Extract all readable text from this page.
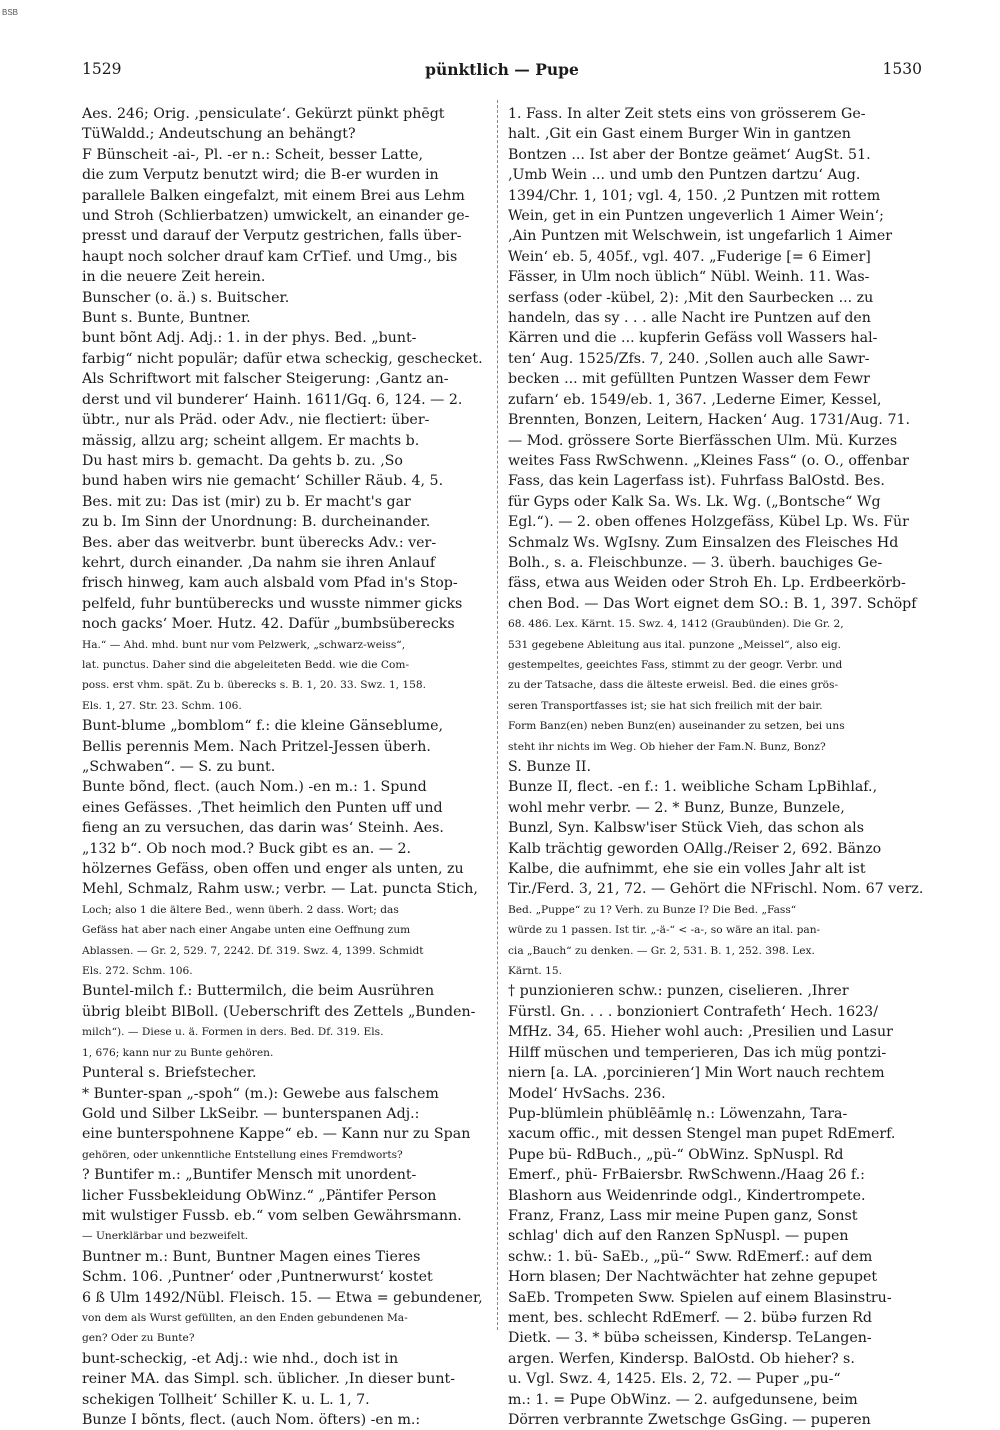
BSB
1529	pünktlich — Pupe	1530
Aes. 246; Orig. ‚pensiculate‘. Gekürzt pünkt phēgt
TüWaldd.; Andeutschung an behängt?
F Bünscheit -ai-, Pl. -er n.: Scheit, besser Latte,
die zum Verputz benutzt wird; die B-er wurden in
parallele Balken eingefalzt, mit einem Brei aus Lehm
und Stroh (Schlierbatzen) umwickelt, an einander ge-
presst und darauf der Verputz gestrichen, falls über-
haupt noch solcher drauf kam CrTief. und Umg., bis
in die neuere Zeit herein.
Bunscher (o. ä.) s. Buitscher.
Bunt s. Bunte, Buntner.
bunt bõnt Adj. Adj.: 1. in der phys. Bed. „bunt-
farbig“ nicht populär; dafür etwa scheckig, geschecket.
Als Schriftwort mit falscher Steigerung: ‚Gantz an-
derst und vil bunderer‘ Hainh. 1611/Gq. 6, 124. — 2.
übtr., nur als Präd. oder Adv., nie flectiert: über-
mässig, allzu arg; scheint allgem. Er machts b.
Du hast mirs b. gemacht. Da gehts b. zu. ‚So
bund haben wirs nie gemacht‘ Schiller Räub. 4, 5.
Bes. mit zu: Das ist (mir) zu b. Er macht's gar
zu b. Im Sinn der Unordnung: B. durcheinander.
Bes. aber das weitverbr. bunt überecks Adv.: ver-
kehrt, durch einander. ‚Da nahm sie ihren Anlauf
frisch hinweg, kam auch alsbald vom Pfad in's Stop-
pelfeld, fuhr buntüberecks und wusste nimmer gicks
noch gacks‘ Moer. Hutz. 42. Dafür „bumbsüberecks
Ha.“ — Ahd. mhd. bunt nur vom Pelzwerk, „schwarz-weiss“,
lat. punctus. Daher sind die abgeleiteten Bedd. wie die Com-
poss. erst vhm. spät. Zu b. überecks s. B. 1, 20. 33. Swz. 1, 158.
Els. 1, 27. Str. 23. Schm. 106.
Bunt-blume „bomblom“ f.: die kleine Gänseblume,
Bellis perennis Mem. Nach Pritzel-Jessen überh.
„Schwaben“. — S. zu bunt.
Bunte bõnd, flect. (auch Nom.) -en m.: 1. Spund
eines Gefässes. ‚Thet heimlich den Punten uff und
fieng an zu versuchen, das darin was‘ Steinh. Aes.
„132 b“. Ob noch mod.? Buck gibt es an. — 2.
hölzernes Gefäss, oben offen und enger als unten, zu
Mehl, Schmalz, Rahm usw.; verbr. — Lat. puncta Stich,
Loch; also 1 die ältere Bed., wenn überh. 2 dass. Wort; das
Gefäss hat aber nach einer Angabe unten eine Oeffnung zum
Ablassen. — Gr. 2, 529. 7, 2242. Df. 319. Swz. 4, 1399. Schmidt
Els. 272. Schm. 106.
Buntel-milch f.: Buttermilch, die beim Ausrühren
übrig bleibt BlBoll. (Ueberschrift des Zettels „Bunden-
milch“). — Diese u. ä. Formen in ders. Bed. Df. 319. Els.
1, 676; kann nur zu Bunte gehören.
Punteral s. Briefstecher.
* Bunter-span „-spoh“ (m.): Gewebe aus falschem
Gold und Silber LkSeibr. — bunterspanen Adj.:
eine bunterspohnene Kappe“ eb. — Kann nur zu Span
gehören, oder unkenntliche Entstellung eines Fremdworts?
? Buntifer m.: „Buntifer Mensch mit unordent-
licher Fussbekleidung ObWinz.“ „Päntifer Person
mit wulstiger Fussb. eb.“ vom selben Gewährsmann.
— Unerklärbar und bezweifelt.
Buntner m.: Bunt, Buntner Magen eines Tieres
Schm. 106. ‚Puntner‘ oder ‚Puntnerwurst‘ kostet
6 ß Ulm 1492/Nübl. Fleisch. 15. — Etwa = gebundener,
von dem als Wurst gefüllten, an den Enden gebundenen Ma-
gen? Oder zu Bunte?
bunt-scheckig, -et Adj.: wie nhd., doch ist in
reiner MA. das Simpl. sch. üblicher. ‚In dieser bunt-
schekigen Tollheit‘ Schiller K. u. L. 1, 7.
Bunze I bõnts, flect. (auch Nom. öfters) -en m.:
1. Fass. In alter Zeit stets eins von grösserem Ge-
halt. ‚Git ein Gast einem Burger Win in gantzen
Bontzen ... Ist aber der Bontze geämet‘ AugSt. 51.
‚Umb Wein ... und umb den Puntzen dartzu‘ Aug.
1394/Chr. 1, 101; vgl. 4, 150. ‚2 Puntzen mit rottem
Wein, get in ein Puntzen ungeverlich 1 Aimer Wein‘;
‚Ain Puntzen mit Welschwein, ist ungefarlich 1 Aimer
Wein‘ eb. 5, 405f., vgl. 407. „Fuderige [= 6 Eimer]
Fässer, in Ulm noch üblich“ Nübl. Weinh. 11. Was-
serfass (oder -kübel, 2): ‚Mit den Saurbecken ... zu
handeln, das sy . . . alle Nacht ire Puntzen auf den
Kärren und die ... kupferin Gefäss voll Wassers hal-
ten‘ Aug. 1525/Zfs. 7, 240. ‚Sollen auch alle Sawr-
becken ... mit gefüllten Puntzen Wasser dem Fewr
zufarn‘ eb. 1549/eb. 1, 367. ‚Lederne Eimer, Kessel,
Brennten, Bonzen, Leitern, Hacken‘ Aug. 1731/Aug. 71.
— Mod. grössere Sorte Bierfässchen Ulm. Mü. Kurzes
weites Fass RwSchwenn. „Kleines Fass“ (o. O., offenbar
Fass, das kein Lagerfass ist). Fuhrfass BalOstd. Bes.
für Gyps oder Kalk Sa. Ws. Lk. Wg. („Bontsche“ Wg
Egl.“). — 2. oben offenes Holzgefäss, Kübel Lp. Ws. Für
Schmalz Ws. WgIsny. Zum Einsalzen des Fleisches Hd
Bolh., s. a. Fleischbunze. — 3. überh. bauchiges Ge-
fäss, etwa aus Weiden oder Stroh Eh. Lp. Erdbeerkörb-
chen Bod. — Das Wort eignet dem SO.: B. 1, 397. Schöpf
68. 486. Lex. Kärnt. 15. Swz. 4, 1412 (Graubünden). Die Gr. 2,
531 gegebene Ableitung aus ital. punzone „Meissel“, also eig.
gestempeltes, geeichtes Fass, stimmt zu der geogr. Verbr. und
zu der Tatsache, dass die älteste erweisl. Bed. die eines grös-
seren Transportfasses ist; sie hat sich freilich mit der bair.
Form Banz(en) neben Bunz(en) auseinander zu setzen, bei uns
steht ihr nichts im Weg. Ob hieher der Fam.N. Bunz, Bonz?
S. Bunze II.
Bunze II, flect. -en f.: 1. weibliche Scham LpBihlaf.,
wohl mehr verbr. — 2. * Bunz, Bunze, Bunzele,
Bunzl, Syn. Kalbsw'iser Stück Vieh, das schon als
Kalb trächtig geworden OAllg./Reiser 2, 692. Bänzo
Kalbe, die aufnimmt, ehe sie ein volles Jahr alt ist
Tir./Ferd. 3, 21, 72. — Gehört die NFrischl. Nom. 67 verz.
Bed. „Puppe“ zu 1? Verh. zu Bunze I? Die Bed. „Fass“
würde zu 1 passen. Ist tir. „-ä-“ < -a-, so wäre an ital. pan-
cia „Bauch“ zu denken. — Gr. 2, 531. B. 1, 252. 398. Lex.
Kärnt. 15.
† punzionieren schw.: punzen, ciselieren. ‚Ihrer
Fürstl. Gn. . . . bonzioniert Contrafeth‘ Hech. 1623/
MfHz. 34, 65. Hieher wohl auch: ‚Presilien und Lasur
Hilff müschen und temperieren, Das ich müg pontzi-
niern [a. LA. ‚porcinieren‘] Min Wort nauch rechtem
Model‘ HvSachs. 236.
Pup-blümlein phüblēāmlę n.: Löwenzahn, Tara-
xacum offic., mit dessen Stengel man pupet RdEmerf.
Pupe bü- RdBuch., „pü-“ ObWinz. SpNuspl. Rd
Emerf., phü- FrBaiersbr. RwSchwenn./Haag 26 f.:
Blashorn aus Weidenrinde odgl., Kindertrompete.
Franz, Franz, Lass mir meine Pupen ganz, Sonst
schlag' dich auf den Ranzen SpNuspl. — pupen
schw.: 1. bü- SaEb., „pü-“ Sww. RdEmerf.: auf dem
Horn blasen; Der Nachtwächter hat zehne gepupet
SaEb. Trompeten Sww. Spielen auf einem Blasinstru-
ment, bes. schlecht RdEmerf. — 2. bübə furzen Rd
Dietk. — 3. * bübə scheissen, Kindersp. TeLangen-
argen. Werfen, Kindersp. BalOstd. Ob hieher? s.
u. Vgl. Swz. 4, 1425. Els. 2, 72. — Puper „pu-“
m.: 1. = Pupe ObWinz. — 2. aufgedunsene, beim
Dörren verbrannte Zwetschge GsGing. — puperen
